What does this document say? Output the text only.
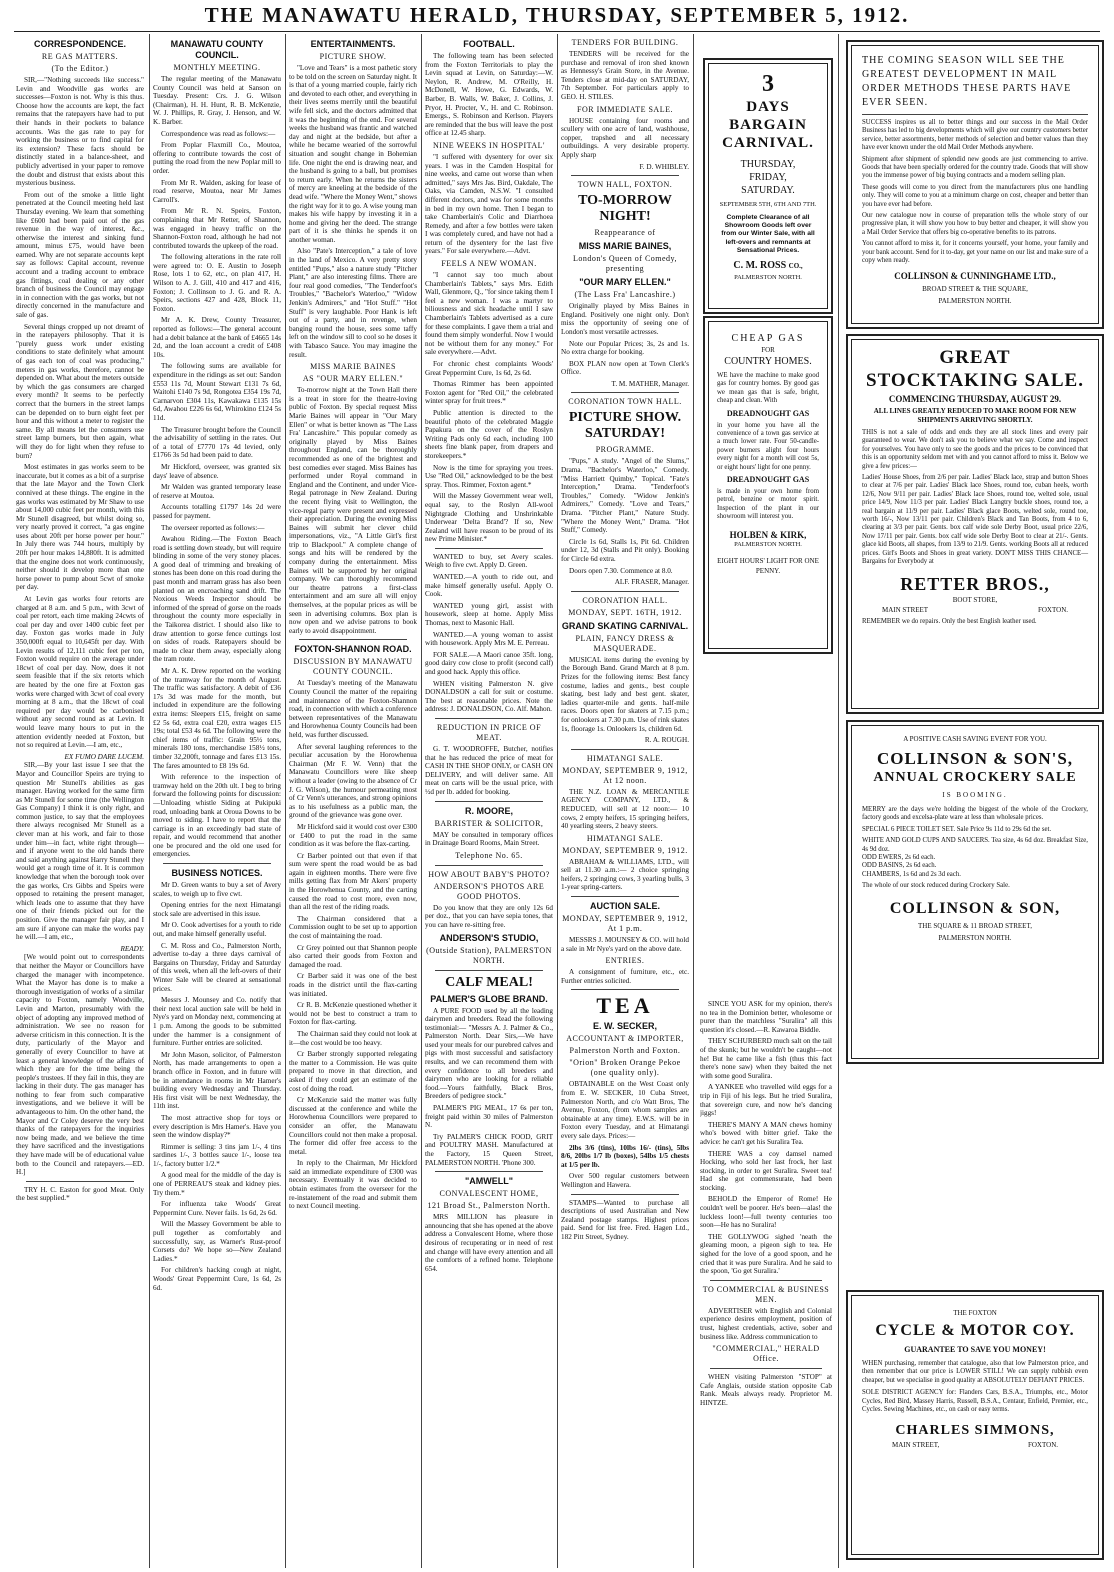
THE MANAWATU HERALD, THURSDAY, SEPTEMBER 5, 1912.
CORRESPONDENCE.
RE GAS MATTERS.
(To the Editor.)

SIR,—"Nothing succeeds like success." Levin and Woodville gas works are successes—Foxton is not. Why is this thus. Choose how the accounts are kept, the fact remains that the ratepayers have had to put their hands in their pockets to balance accounts. Was the gas rate to pay for working the business or to find capital for its extension? These facts should be distinctly stated in a balance-sheet, and publicly advertised in your paper to remove the doubt and distrust that exists about this mysterious business.

From out of the smoke a little light penetrated at the Council meeting held last Thursday evening. We learn that something like £600 had been paid out of the gas revenue in the way of interest, &c., otherwise the interest and sinking fund amount, minus £75, would have been earned. Why are not separate accounts kept say as follows: Capital account, revenue account and a trading account to embrace gas fittings, coal dealing or any other branch of business the Council may engage in in connection with the gas works, but not directly concerned in the manufacture and sale of gas.

Several things cropped up not dreamt of in the ratepayers philosophy. That it is "purely guess work under existing conditions to state definitely what amount of gas each ton of coal was producing," meters in gas works, therefore, cannot be depended on. What about the meters outside by which the gas consumers are charged every month? It seems to be perfectly correct that the burners in the street lamps can be depended on to burn eight feet per hour and this without a meter to register the same. By all means let the consumers use street lamp burners, but then again, what will they do for light when they refuse to burn?

Most estimates in gas works seem to be inaccurate, but it comes as a bit of a surprise that the late Mayor and the Town Clerk connived at these things. The engine in the gas works was estimated by Mr Shaw to use about 14,000 cubic feet per month, with this Mr Stunell disagreed, but whilst doing so, very nearly proved it correct, "a gas engine uses about 20ft per horse power per hour." In July there was 744 hours, multiply by 20ft per hour makes 14,880ft. It is admitted that the engine does not work continuously, neither should it develop more than one horse power to pump about 5cwt of smoke per day.

At Levin gas works four retorts are charged at 8 a.m. and 5 p.m., with 3cwt of coal per retort, each time making 24cwts of coal per day and over 1400 cubic feet per day. Foxton gas works made in July 350,000ft equal to 10,645ft per day. With Levin results of 12,111 cubic feet per ton, Foxton would require on the average under 18cwt of coal per day. Now, does it not seem feasible that if the six retorts which are heated by the one fire at Foxton gas works were charged with 3cwt of coal every morning at 8 a.m., that the 18cwt of coal required per day would be carbonised without any second round as at Levin. It would leave many hours to put in the attention evidently needed at Foxton, but not so required at Levin.—I am, etc.,

EX FUMO DARE LUCEM.

SIR,—By your last issue I see that the Mayor and Councillor Speirs are trying to question Mr Stunell's abilities as gas manager. Having worked for the same firm as Mr Stunell for some time (the Wellington Gas Company) I think it is only right, and common justice, to say that the employees there always recognised Mr Stunell as a clever man at his work, and fair to those under him—in fact, white right through—and if anyone went to the old hands there and said anything against Harry Stunell they would get a rough time of it. It is common knowledge that when the borough took over the gas works, Crs Gibbs and Speirs were opposed to retaining the present manager, which leads one to assume that they have one of their friends picked out for the position. Give the manager fair play, and I am sure if anyone can make the works pay he will.—I am, etc.,

READY.

[We would point out to correspondents that neither the Mayor or Councillors have charged the manager with incompetence. What the Mayor has done is to make a thorough investigation of works of a similar capacity to Foxton, namely Woodville, Levin and Marton, presumably with the object of adopting any improved method of administration. We see no reason for adverse criticism in this connection. It is the duty, particularly of the Mayor and generally of every Councillor to have at least a general knowledge of the affairs of which they are for the time being the people's trustees. If they fail in this, they are lacking in their duty. The gas manager has nothing to fear from such comparative investigations, and we believe it will be advantageous to him. On the other hand, the Mayor and Cr Coley deserve the very best thanks of the ratepayers for the inquiries now being made, and we believe the time they have sacrificed and the investigations they have made will be of educational value both to the Council and ratepayers.—ED. H.]

TRY H. C. Easton for good Meat. Only the best supplied.*

MANAWATU COUNTY COUNCIL.
MONTHLY MEETING.

The regular meeting of the Manawatu County Council was held at Sanson on Tuesday. Present: Crs. J. G. Wilson (Chairman), H. H. Hunt, R. B. McKenzie, W. J. Phillips, R. Gray, J. Henson, and W. K. Barber.

Correspondence was read as follows:—

From Poplar Flaxmill Co., Moutoa, offering to contribute towards the cost of putting the road from the new Poplar mill to order.

From Mr R. Walden, asking for lease of road reserve, Moutoa, near Mr James Carroll's.

From Mr R. N. Speirs, Foxton, complaining that Mr Retter, of Shannon, was engaged in heavy traffic on the Shannon-Foxton road, although he had not contributed towards the upkeep of the road.

The following alterations in the rate roll were agreed to: O. E. Austin to Joseph Rose, lots 1 to 62, etc., on plan 417, H. Wilson to A. J. Gill, 410 and 417 and 416, Foxton; J. Collinson to J. G. and R. A. Speirs, sections 427 and 428, Block 11, Foxton.

Mr A. K. Drew, County Treasurer, reported as follows:—The general account had a debit balance at the bank of £4665 14s 2d, and the loan account a credit of £408 10s.

The following sums are available for expenditure in the ridings as set out: Sandon £553 11s 7d, Mount Stewart £131 7s 6d, Waitohi £140 7s 9d, Rongotea £354 19s 7d, Carnarvon £304 11s, Kawakawa £135 15s 6d, Awahou £226 6s 6d, Whirokino £124 5s 11d.

The Treasurer brought before the Council the advisability of settling in the rates. Out of a total of £7770 17s 4d levied, only £1766 3s 5d had been paid to date.

Mr Hickford, overseer, was granted six days' leave of absence.

Mr Walden was granted temporary lease of reserve at Moutoa.

Accounts totalling £1797 14s 2d were passed for payment.

The overseer reported as follows:—

Awahou Riding.—The Foxton Beach road is settling down steady, but will require blinding in some of the very stoney places. A good deal of trimming and breaking of stones has been done on this road during the past month and marram grass has also been planted on an encroaching sand drift. The Noxious Weeds Inspector should be informed of the spread of gorse on the roads throughout the county more especially in the Taikorea district. I should also like to draw attention to gorse fence cuttings lost on sides of roads. Ratepayers should be made to clear them away, especially along the tram route.

Mr A. K. Drew reported on the working of the tramway for the month of August. The traffic was satisfactory. A debit of £36 17s 3d was made for the month, but included in expenditure are the following extra items: Sleepers £15, freight on same £2 5s 6d, extra coal £20, extra wages £15 19s; total £53 4s 6d. The following were the chief items of traffic: Grain 95½ tons, minerals 180 tons, merchandise 158½ tons, timber 32,200ft, tonnage and fares £13 15s. The fares amounted to £8 19s 6d.

With reference to the inspection of tramway held on the 20th ult. I beg to bring forward the following points for discussion:—Unloading whistle Siding at Pukipuki road, unloading bank at Oroua Downs to be moved to siding. I have to report that the carriage is in an exceedingly bad state of repair, and would recommend that another one be procured and the old one used for emergencies.

BUSINESS NOTICES.

Mr D. Green wants to buy a set of Avery scales, to weigh up to five cwt.

Opening entries for the next Himatangi stock sale are advertised in this issue.

Mr O. Cook advertises for a youth to ride out, and make himself generally useful.

C. M. Ross and Co., Palmerston North, advertise to-day a three days carnival of Bargains on Thursday, Friday and Saturday of this week, when all the left-overs of their Winter Sale will be cleared at sensational prices.

Messrs J. Mounsey and Co. notify that their next local auction sale will be held in Nye's yard on Monday next, commencing at 1 p.m. Among the goods to be submitted under the hammer is a consignment of furniture. Further entries are solicited.

Mr John Mason, solicitor, of Palmerston North, has made arrangements to open a branch office in Foxton, and in future will be in attendance in rooms in Mr Hamer's building every Wednesday and Thursday. His first visit will be next Wednesday, the 11th inst.

The most attractive shop for toys or every description is Mrs Hamer's. Have you seen the window display?*

Rimmer is selling: 3 tins jam 1/-, 4 tins sardines 1/-, 3 bottles sauce 1/-, loose tea 1/-, factory butter 1/2.*

A good meal for the middle of the day is one of PERREAU'S steak and kidney pies. Try them.*

For influenza take Woods' Great Peppermint Cure. Never fails. 1s 6d, 2s 6d.

Will the Massey Government be able to pull together as comfortably and successfully, say, as Warner's Rust-proof Corsets do? We hope so—New Zealand Ladies.*

For children's hacking cough at night, Woods' Great Peppermint Cure, 1s 6d, 2s 6d.

ENTERTAINMENTS.
PICTURE SHOW.

"Love and Tears" is a most pathetic story to be told on the screen on Saturday night. It is that of a young married couple, fairly rich and devoted to each other, and everything in their lives seems merrily until the beautiful wife fell sick, and the doctors admitted that it was the beginning of the end. For several weeks the husband was frantic and watched day and night at the bedside, but after a while he became wearied of the sorrowful situation and sought change in Bohemian life. One night the end is drawing near, and the husband is going to a ball, but promises to return early. When he returns the sisters of mercy are kneeling at the bedside of the dead wife. "Where the Money Went," shows the right way for it to go. A wise young man makes his wife happy by investing it in a home and giving her the deed. The strange part of it is she thinks he spends it on another woman.

Also "Pate's Interception," a tale of love in the land of Mexico. A very pretty story entitled "Pups," also a nature study "Pitcher Plant," are also interesting films. There are four real good comedies, "The Tenderfoot's Troubles," "Bachelor's Waterloo," "Widow Jenkin's Admirers," and "Hot Stuff." "Hot Stuff" is very laughable. Poor Hank is left out of a party, and in revenge, when banging round the house, sees some taffy left on the window sill to cool so he doses it with Tabasco Sauce. You may imagine the result.

MISS MARIE BAINES
AS "OUR MARY ELLEN."

To-morrow night at the Town Hall there is a treat in store for the theatre-loving public of Foxton. By special request Miss Marie Baines will appear in "Our Mary Ellen" or what is better known as "The Lass Fra' Lancashire." This popular comedy as originally played by Miss Baines throughout England, can be thoroughly recommended as one of the brightest and best comedies ever staged. Miss Baines has performed under Royal command in England and the Continent, and under Vice-Regal patronage in New Zealand. During the recent flying visit to Wellington, the vice-regal party were present and expressed their appreciation. During the evening Miss Baines will submit her clever child impersonations, viz., "A Little Girl's first trip to Blackpool." A complete change of songs and hits will be rendered by the company during the entertainment. Miss Baines will be supported by her original company. We can thoroughly recommend our theatre patrons a first-class entertainment and am sure all will enjoy themselves, at the popular prices as will be seen in advertising columns. Box plan is now open and we advise patrons to book early to avoid disappointment.

FOXTON-SHANNON ROAD.
DISCUSSION BY MANAWATU COUNTY COUNCIL.

At Tuesday's meeting of the Manawatu County Council the matter of the repairing and maintenance of the Foxton-Shannon road, in connection with which a conference between representatives of the Manawatu and Horowhenua County Councils had been held, was further discussed.

After several laughing references to the peculiar accusation by the Horowhenua Chairman (Mr F. W. Venn) that the Manawatu Councillors were like sheep without a leader (owing to the absence of Cr J. G. Wilson), the humour permeating most of Cr Venn's utterances, and strong opinions as to his usefulness as a public man, the ground of the grievance was gone over.

Mr Hickford said it would cost over £300 or £400 to put the road in the same condition as it was before the flax-carting.

Cr Barber pointed out that even if that sum were spent the road would be as bad again in eighteen months. There were five mills getting flax from Mr Akers' property in the Horowhenua County, and the carting caused the road to cost more, even now, than all the rest of the riding roads.

The Chairman considered that a Commission ought to be set up to apportion the cost of maintaining the road.

Cr Grey pointed out that Shannon people also carted their goods from Foxton and damaged the road.

Cr Barber said it was one of the best roads in the district until the flax-carting was initiated.

Cr R. B. McKenzie questioned whether it would not be best to construct a tram to Foxton for flax-carting.

The Chairman said they could not look at it—the cost would be too heavy.

Cr Barber strongly supported relegating the matter to a Commission. He was quite prepared to move in that direction, and asked if they could get an estimate of the cost of doing the road.

Cr McKenzie said the matter was fully discussed at the conference and while the Horowhenua Councillors were prepared to consider an offer, the Manawatu Councillors could not then make a proposal. The former did offer free access to the metal.

In reply to the Chairman, Mr Hickford said an immediate expenditure of £300 was necessary. Eventually it was decided to obtain estimates from the overseer for the re-instatement of the road and submit them to next Council meeting.

FOOTBALL.

The following team has been selected from the Foxton Territorials to play the Levin squad at Levin, on Saturday:—W. Neylon, R. Andrew, M. O'Reilly, H. McDonell, W. Howe, G. Edwards, W. Barber, B. Walls, W. Baker, J. Collins, J. Pryor, H. Procter, V., H. and C. Robinson. Emergs., S. Robinson and Kerlson. Players are reminded that the bus will leave the post office at 12.45 sharp.

NINE WEEKS IN HOSPITAL'

"I suffered with dysentery for over six years. I was in the Camden Hospital for nine weeks, and came out worse than when admitted," says Mrs Jas. Bird, Oakdale, The Oaks, via Camden, N.S.W. "I consulted different doctors, and was for some months in bed in my own home. Then I began to take Chamberlain's Colic and Diarrhoea Remedy, and after a few bottles were taken I was completely cured, and have not had a return of the dysentery for the last five years." For sale everywhere.—Advt.

FEELS A NEW WOMAN.

"I cannot say too much about Chamberlain's Tablets," says Mrs. Edith Wall, Glenmore, Q., "for since taking them I feel a new woman. I was a martyr to biliousness and sick headache until I saw Chamberlain's Tablets advertised as a cure for these complaints. I gave them a trial and found them simply wonderful. Now I would not be without them for any money." For sale everywhere.—Advt.

For chronic chest complaints Woods' Great Peppermint Cure, 1s 6d, 2s 6d.

Thomas Rimmer has been appointed Foxton agent for "Red Oil," the celebrated winter spray for fruit trees.*

Public attention is directed to the beautiful photo of the celebrated Maggie Papakura on the cover of the Roslyn Writing Pads only 6d each, including 100 sheets fine blank paper, from drapers and storekeepers.*

Now is the time for spraying you trees. Use "Red Oil," acknowledged to be the best spray. Thos. Rimmer, Foxton agent.*

Will the Massey Government wear well, equal say, to the Roslyn All-wool Nightgrade Clothing and Unshrinkable Underwear 'Delta Brand'? If so, New Zealand will have reason to be proud of its new Prime Minister.*

WANTED to buy, set Avery scales. Weigh to five cwt. Apply D. Green.

WANTED.—A youth to ride out, and make himself generally useful. Apply O. Cook.

WANTED young girl, assist with housework, sleep at home. Apply Miss Thomas, next to Masonic Hall.

WANTED.—A young woman to assist with housework. Apply Mrs M. E. Perreau.

FOR SALE.—A Maori canoe 35ft. long, good dairy cow close to profit (second calf) and good hack. Apply this office.

WHEN visiting Palmerston N. give DONALDSON a call for suit or costume. The best at reasonable prices. Note the address: J. DONALDSON, Co. Alf. Mahon.

REDUCTION IN PRICE OF MEAT.

G. T. WOODROFFE, Butcher, notifies that he has reduced the price of meat for CASH IN THE SHOP ONLY, or CASH ON DELIVERY, and will deliver same. All meat on carts will be the usual price, with ½d per lb. added for booking.

R. MOORE,
BARRISTER & SOLICITOR,

MAY be consulted in temporary offices in Drainage Board Rooms, Main Street.

Telephone No. 65.
HOW ABOUT BABY'S PHOTO?
ANDERSON'S PHOTOS ARE GOOD PHOTOS.

Do you know that they are only 12s 6d per doz., that you can have sepia tones, that you can have re-sitting free.

ANDERSON'S STUDIO,
(Outside Station), PALMERSTON NORTH.
CALF MEAL!
PALMER'S GLOBE BRAND.

A PURE FOOD used by all the leading dairymen and breeders. Read the following testimonial:— "Messrs A. J. Palmer & Co., Palmerston North. Dear Sirs,—We have used your meals for our purebred calves and pigs with most successful and satisfactory results, and we can recommend them with every confidence to all breeders and dairymen who are looking for a reliable food.—Yours faithfully, Black Bros, Breeders of pedigree stock."

PALMER'S PIG MEAL, 17 6s per ton, freight paid within 30 miles of Palmerston N.

Try PALMER'S CHICK FOOD, GRIT and POULTRY MASH. Manufactured at the Factory, 15 Queen Street, PALMERSTON NORTH. 'Phone 300.

"AMWELL"
CONVALESCENT HOME,
121 Broad St., Palmerston North.

MRS MILLION has pleasure in announcing that she has opened at the above address a Convalescent Home, where those desirous of recuperating or in need of rest and change will have every attention and all the comforts of a refined home. Telephone 654.

TENDERS FOR BUILDING.

TENDERS will be received for the purchase and removal of iron shed known as Hennessy's Grain Store, in the Avenue. Tenders close at mid-day on SATURDAY, 7th September. For particulars apply to GEO. H. STILES.

FOR IMMEDIATE SALE.

HOUSE containing four rooms and scullery with one acre of land, washhouse, copper, trapshed and all necessary outbuildings. A very desirable property. Apply sharp

F. D. WHIBLEY.
TOWN HALL, FOXTON.
TO-MORROW NIGHT!
Reappearance of
MISS MARIE BAINES,
London's Queen of Comedy, presenting
"OUR MARY ELLEN."
(The Lass Fra' Lancashire.)

Originally played by Miss Baines in England. Positively one night only. Don't miss the opportunity of seeing one of London's most versatile actresses.

Note our Popular Prices; 3s, 2s and 1s. No extra charge for booking.

BOX PLAN now open at Town Clerk's Office.

T. M. MATHER, Manager.
CORONATION TOWN HALL.
PICTURE SHOW. SATURDAY!
PROGRAMME.

"Pups," A study. "Angel of the Slums," Drama. "Bachelor's Waterloo," Comedy. "Miss Harriett Quimby," Topical. "Fate's Interception," Drama. "Tenderfoot's Troubles," Comedy. "Widow Jenkin's Admirers," Comedy. "Love and Tears," Drama. "Pitcher Plant," Nature Study. "Where the Money Went," Drama. "Hot Stuff," Comedy.

Circle 1s 6d, Stalls 1s, Pit 6d. Children under 12, 3d (Stalls and Pit only). Booking for Circle 6d extra.

Doors open 7.30. Commence at 8.0.

ALF. FRASER, Manager.
CORONATION HALL.
MONDAY, SEPT. 16TH, 1912.
GRAND SKATING CARNIVAL.
PLAIN, FANCY DRESS & MASQUERADE.

MUSICAL items during the evening by the Borough Band. Grand March at 8 p.m. Prizes for the following items: Best fancy costume, ladies and gents., best couple skating, best lady and best gent. skater, ladies quarter-mile and gents. half-mile races. Doors open for skaters at 7.15 p.m.; for onlookers at 7.30 p.m. Use of rink skates 1s, floorage 1s. Onlookers 1s, children 6d.

R. A. ROUGH.
HIMATANGI SALE.
MONDAY, SEPTEMBER 9, 1912, At 12 noon.

THE N.Z. LOAN & MERCANTILE AGENCY COMPANY, LTD., & REDUCED, will sell at 12 noon:— 10 cows, 2 empty heifers, 15 springing heifers, 40 yearling steers, 2 heavy steers.

HIMATANGI SALE.
MONDAY, SEPTEMBER 9, 1912.

ABRAHAM & WILLIAMS, LTD., will sell at 11.30 a.m.:— 2 choice springing heifers, 2 springing cows, 3 yearling bulls, 3 1-year spring-carters.

AUCTION SALE.
MONDAY, SEPTEMBER 9, 1912, At 1 p.m.

MESSRS J. MOUNSEY & CO. will hold a sale in Mr Nye's yard on the above date.

ENTRIES.

A consignment of furniture, etc., etc. Further entries solicited.

TEA
E. W. SECKER,
ACCOUNTANT & IMPORTER,
Palmerston North and Foxton.
"Orion" Broken Orange Pekoe (one quality only).

OBTAINABLE on the West Coast only from E. W. SECKER, 10 Cuba Street, Palmerston North, and c/o Watt Bros, The Avenue, Foxton, (from whom samples are obtainable at any time). E.W.S. will be in Foxton every Tuesday, and at Himatangi every sale days. Prices:—

2lbs 3/6 (tins), 10lbs 16/- (tins), 5lbs 8/6, 20lbs 1/7 lb (boxes), 54lbs 1/5 chests at 1/5 per lb.

Over 500 regular customers between Wellington and Hawera.

STAMPS—Wanted to purchase all descriptions of used Australian and New Zealand postage stamps. Highest prices paid. Send for list free. Fred. Hagen Ltd., 182 Pitt Street, Sydney.

3
DAYS
BARGAIN
CARNIVAL.
THURSDAY,
FRIDAY,
SATURDAY.
SEPTEMBER 5TH, 6TH AND 7TH.
Complete Clearance of all Showroom Goods left over from our Winter Sale, with all left-overs and remnants at Sensational Prices.
C. M. ROSS CO.,
PALMERSTON NORTH.
CHEAP GAS
FOR
COUNTRY HOMES.
WE have the machine to make good gas for country homes. By good gas we mean gas that is safe, bright, cheap and clean. With
DREADNOUGHT GAS
in your home you have all the convenience of a town gas service at a much lower rate. Four 50-candle-power burners alight four hours every night for a month will cost 5s, or eight hours' light for one penny.
DREADNOUGHT GAS
is made in your own home from petrol, benzine or motor spirit. Inspection of the plant in our showroom will interest you.
HOLBEN & KIRK,
PALMERSTON NORTH.
EIGHT HOURS' LIGHT FOR ONE PENNY.

SINCE YOU ASK for my opinion, there's no tea in the Dominion better, wholesome or purer than the matchless "Suralira" all this question it's closed.—R. Kawaroa Biddle.

THEY SCHURBERD much salt on the tail of the skunk; but he wouldn't be caught—not he! But he came like a fish (thus this fact there's none saw) when they baited the net with some good Suralira.

A YANKEE who travelled wild eggs for a trip in Fiji of his legs. But he tried Suralira, that sovereign cure, and now he's dancing jiggs!

THERE'S MANY A MAN chews hominy who's bowed with bitter grief. Take the advice: he can't get his Suralira Tea.

THERE WAS a coy damsel named Hocking, who sold her last frock, her last stocking, in order to get Suralira. Sweet tea! Had she got commensurate, had been stocking.

BEHOLD the Emperor of Rome! He couldn't well be poorer. He's been—alas! the luckless loon!—full twenty centuries too soon—He has no Suralira!

THE GOLLYWOG sighed 'neath the gleaming moon, a pigeon sigh to tea. He sighed for the love of a good spoon, and he cried that it was pure Suralira. And he said to the spoon, 'Go get Suralira.'

TO COMMERCIAL & BUSINESS MEN.

ADVERTISER with English and Colonial experience desires employment, position of trust, highest credentials, active, sober and business like. Address communication to

"COMMERCIAL," HERALD Office.

WHEN visiting Palmerston "STOP" at Cafe Anglais, outside station opposite Cab Rank. Meals always ready. Proprietor M. HINTZE.

THE COMING SEASON WILL SEE THE GREATEST DEVELOPMENT IN MAIL ORDER METHODS THESE PARTS HAVE EVER SEEN.
SUCCESS inspires us all to better things and our success in the Mail Order Business has led to big developments which will give our country customers better service, better assortments, better methods of selection and better values than they have ever known under the old Mail Order Methods anywhere.
Shipment after shipment of splendid new goods are just commencing to arrive. Goods that have been specially ordered for the country trade. Goods that will show you the immense power of big buying contracts and a modern selling plan.
These goods will come to you direct from the manufacturers plus one handling only. They will come to you at a minimum charge on cost, cheaper and better than you have ever had before.
Our new catalogue now in course of preparation tells the whole story of our progressive plan, it will show you how to buy better and cheaper, it will show you a Mail Order Service that offers big co-operative benefits to its patrons.
You cannot afford to miss it, for it concerns yourself, your home, your family and your bank account. Send for it to-day, get your name on our list and make sure of a copy when ready.
COLLINSON & CUNNINGHAME LTD.,
BROAD STREET & THE SQUARE,
PALMERSTON NORTH.
GREAT STOCKTAKING SALE.
COMMENCING THURSDAY, AUGUST 29.
ALL LINES GREATLY REDUCED TO MAKE ROOM FOR NEW SHIPMENTS ARRIVING SHORTLY.
THIS is not a sale of odds and ends they are all stock lines and every pair guaranteed to wear. We don't ask you to believe what we say. Come and inspect for yourselves. You have only to see the goods and the prices to be convinced that this is an opportunity seldom met with and you cannot afford to miss it. Below we give a few prices:—
Ladies' House Shoes, from 2/6 per pair. Ladies' Black lace, strap and button Shoes to clear at 7/6 per pair. Ladies' Black lace Shoes, round toe, cuban heels, worth 12/6, Now 9/11 per pair. Ladies' Black lace Shoes, round toe, welted sole, usual price 14/9, Now 11/3 per pair. Ladies' Black Langtry buckle shoes, round toe, a real bargain at 11/9 per pair. Ladies' Black glace Boots, welted sole, round toe, worth 16/-, Now 13/11 per pair. Children's Black and Tan Boots, from 4 to 6, clearing at 3/3 per pair. Gents. box calf wide sole Derby Boot, usual price 22/6, Now 17/11 per pair. Gents. box calf wide sole Derby Boot to clear at 21/-. Gents. glace kid Boots, all shapes, from 13/9 to 21/9. Gents. working Boots all at reduced prices. Girl's Boots and Shoes in great variety. DON'T MISS THIS CHANCE—Bargains for Everybody at
RETTER BROS.,
BOOT STORE,
MAIN STREET	FOXTON.
REMEMBER we do repairs. Only the best English leather used.
A POSITIVE CASH SAVING EVENT FOR YOU.
COLLINSON & SON'S,
ANNUAL CROCKERY SALE
IS BOOMING.
MERRY are the days we're holding the biggest of the whole of the Crockery, factory goods and excelsa-plate ware at less than wholesale prices.
SPECIAL 6 PIECE TOILET SET. Sale Price 9s 11d to 29s 6d the set.
WHITE AND GOLD CUPS AND SAUCERS. Tea size, 4s 6d doz. Breakfast Size, 4s 9d doz.
ODD EWERS, 2s 6d each.
ODD BASINS, 2s 6d each.
CHAMBERS, 1s 6d and 2s 3d each.
The whole of our stock reduced during Crockery Sale.
COLLINSON & SON,
THE SQUARE & 11 BROAD STREET,
PALMERSTON NORTH.
THE FOXTON
CYCLE & MOTOR COY.
GUARANTEE TO SAVE YOU MONEY!
WHEN purchasing, remember that catalogue, also that low Palmerston price, and then remember that our price is LOWER STILL! We can supply rubbish even cheaper, but we specialise in good quality at ABSOLUTELY DEFIANT PRICES.
SOLE DISTRICT AGENCY for: Flanders Cars, B.S.A., Triumphs, etc., Motor Cycles, Red Bird, Massey Harris, Russell, B.S.A., Centaur, Enfield, Premier, etc., Cycles. Sewing Machines, etc., on cash or easy terms.
CHARLES SIMMONS,
MAIN STREET,	FOXTON.
